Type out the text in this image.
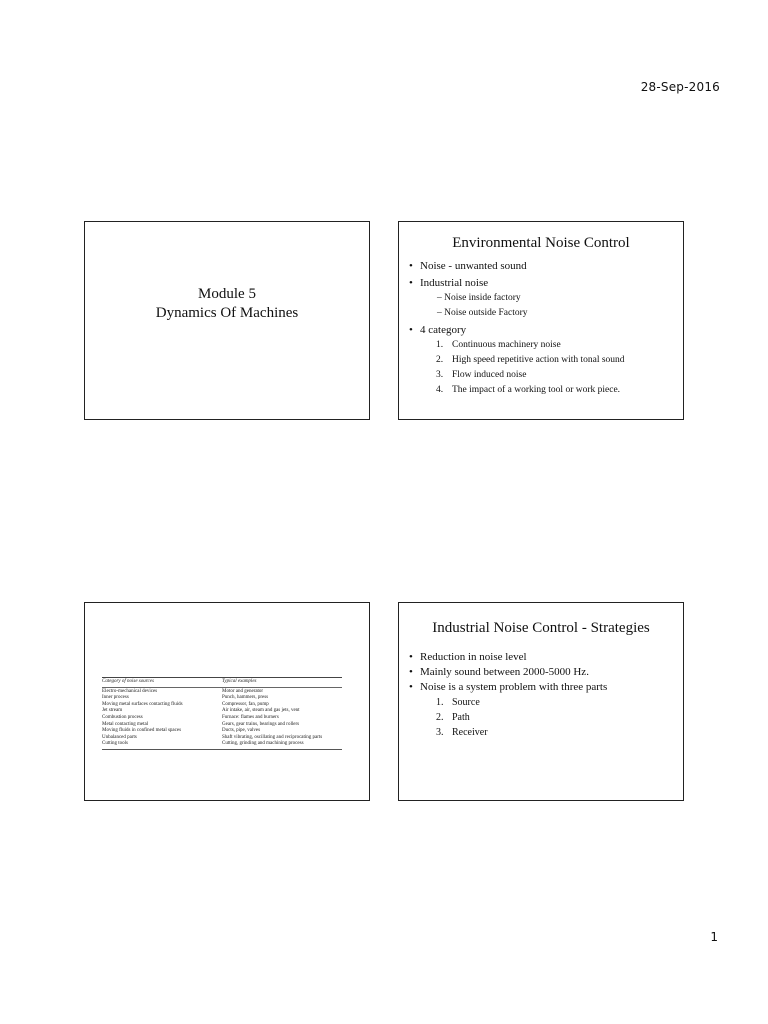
28-Sep-2016
Module 5
Dynamics Of Machines
Environmental Noise Control
• Noise - unwanted sound
• Industrial noise
– Noise inside factory
– Noise outside Factory
• 4 category
1. Continuous machinery noise
2. High speed repetitive action with tonal sound
3. Flow induced noise
4. The impact of a working tool or work piece.
Category of noise sources	Typical examples
Electro-mechanical devices	Motor and generator
Inner process	Punch, hammers, press
Moving metal surfaces contacting fluids	Compressor, fan, pump
Jet stream	Air intake, air, steam and gas jets, vent
Combustion process	Furnace: flames and burners
Metal contacting metal	Gears, gear trains, bearings and rollers
Moving fluids in confined metal spaces	Ducts, pipe, valves
Unbalanced parts	Shaft vibrating, oscillating and reciprocating parts
Cutting tools	Cutting, grinding and machining process
Industrial Noise Control - Strategies
• Reduction in noise level
• Mainly sound between 2000-5000 Hz.
• Noise is a system problem with three parts
1. Source
2. Path
3. Receiver
1
